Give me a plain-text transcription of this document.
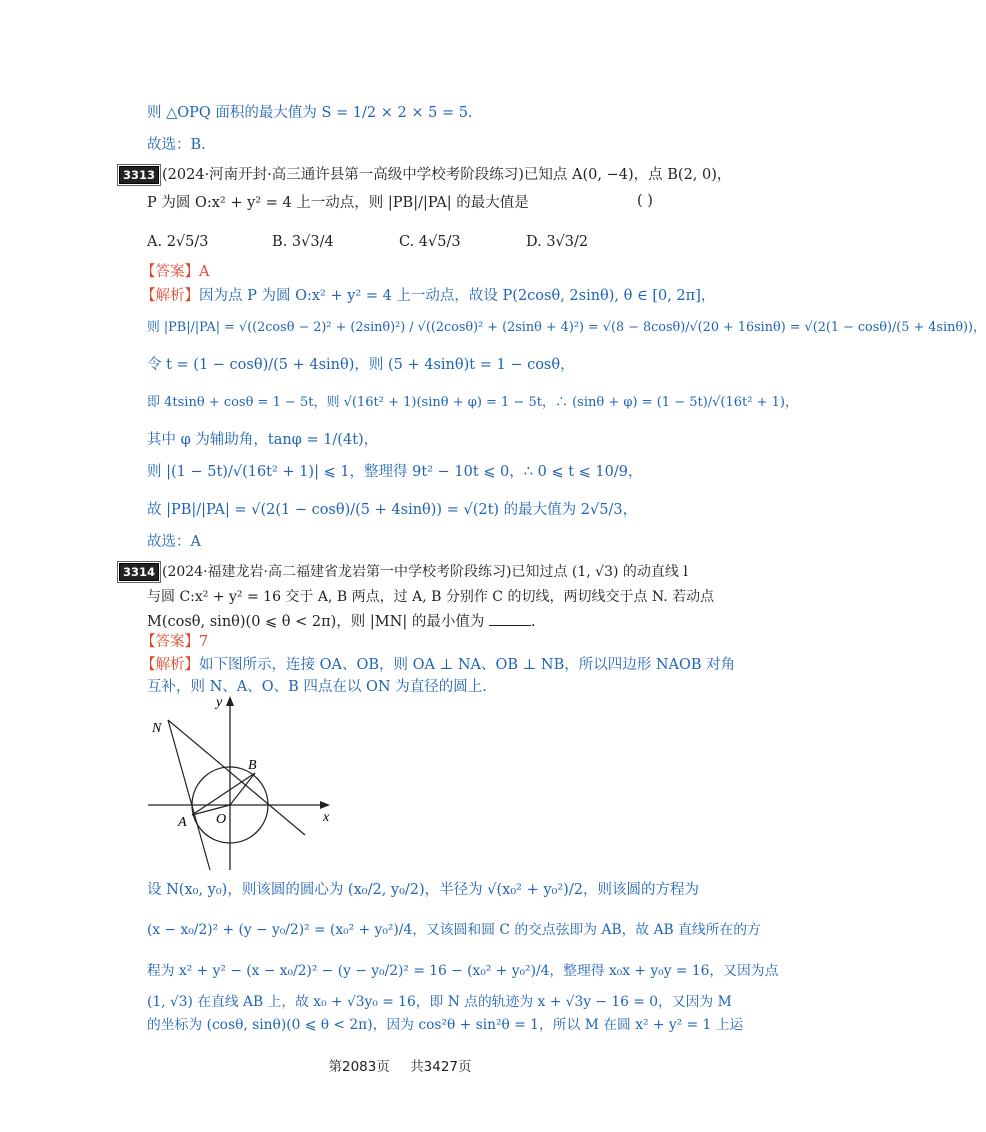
则 △OPQ 面积的最大值为 S = 1/2 × 2 × 5 = 5.
故选：B.
3313 (2024·河南开封·高三通许县第一高级中学校考阶段练习)已知点 A(0, −4)，点 B(2, 0)，
P 为圆 O:x² + y² = 4 上一动点，则 |PB|/|PA| 的最大值是	( )
A. 2√5/3	B. 3√3/4	C. 4√5/3	D. 3√3/2
【答案】A
【解析】因为点 P 为圆 O:x² + y² = 4 上一动点，故设 P(2cosθ, 2sinθ), θ ∈ [0, 2π]，
则 |PB|/|PA| = √((2cosθ − 2)² + (2sinθ)²) / √((2cosθ)² + (2sinθ + 4)²) = √(8 − 8cosθ)/√(20 + 16sinθ) = √(2(1 − cosθ)/(5 + 4sinθ))，
令 t = (1 − cosθ)/(5 + 4sinθ)，则 (5 + 4sinθ)t = 1 − cosθ，
即 4tsinθ + cosθ = 1 − 5t，则 √(16t² + 1)(sinθ + φ) = 1 − 5t，∴ (sinθ + φ) = (1 − 5t)/√(16t² + 1)，
其中 φ 为辅助角，tanφ = 1/(4t)，
则 |(1 − 5t)/√(16t² + 1)| ⩽ 1，整理得 9t² − 10t ⩽ 0，∴ 0 ⩽ t ⩽ 10/9，
故 |PB|/|PA| = √(2(1 − cosθ)/(5 + 4sinθ)) = √(2t) 的最大值为 2√5/3，
故选：A
3314 (2024·福建龙岩·高二福建省龙岩第一中学校考阶段练习)已知过点 (1, √3) 的动直线 l
与圆 C:x² + y² = 16 交于 A, B 两点，过 A, B 分别作 C 的切线，两切线交于点 N. 若动点
M(cosθ, sinθ)(0 ⩽ θ < 2π)，则 |MN| 的最小值为	.
【答案】7
【解析】如下图所示，连接 OA、OB，则 OA ⊥ NA、OB ⊥ NB，所以四边形 NAOB 对角
互补，则 N、A、O、B 四点在以 ON 为直径的圆上.
N
B
A O	x
y
设 N(x₀, y₀)，则该圆的圆心为 (x₀/2, y₀/2)，半径为 √(x₀² + y₀²)/2，则该圆的方程为
(x − x₀/2)² + (y − y₀/2)² = (x₀² + y₀²)/4，又该圆和圆 C 的交点弦即为 AB，故 AB 直线所在的方
程为 x² + y² − (x − x₀/2)² − (y − y₀/2)² = 16 − (x₀² + y₀²)/4，整理得 x₀x + y₀y = 16，又因为点
(1, √3) 在直线 AB 上，故 x₀ + √3y₀ = 16，即 N 点的轨迹为 x + √3y − 16 = 0，又因为 M
的坐标为 (cosθ, sinθ)(0 ⩽ θ < 2π)，因为 cos²θ + sin²θ = 1，所以 M 在圆 x² + y² = 1 上运
第2083页 共3427页
